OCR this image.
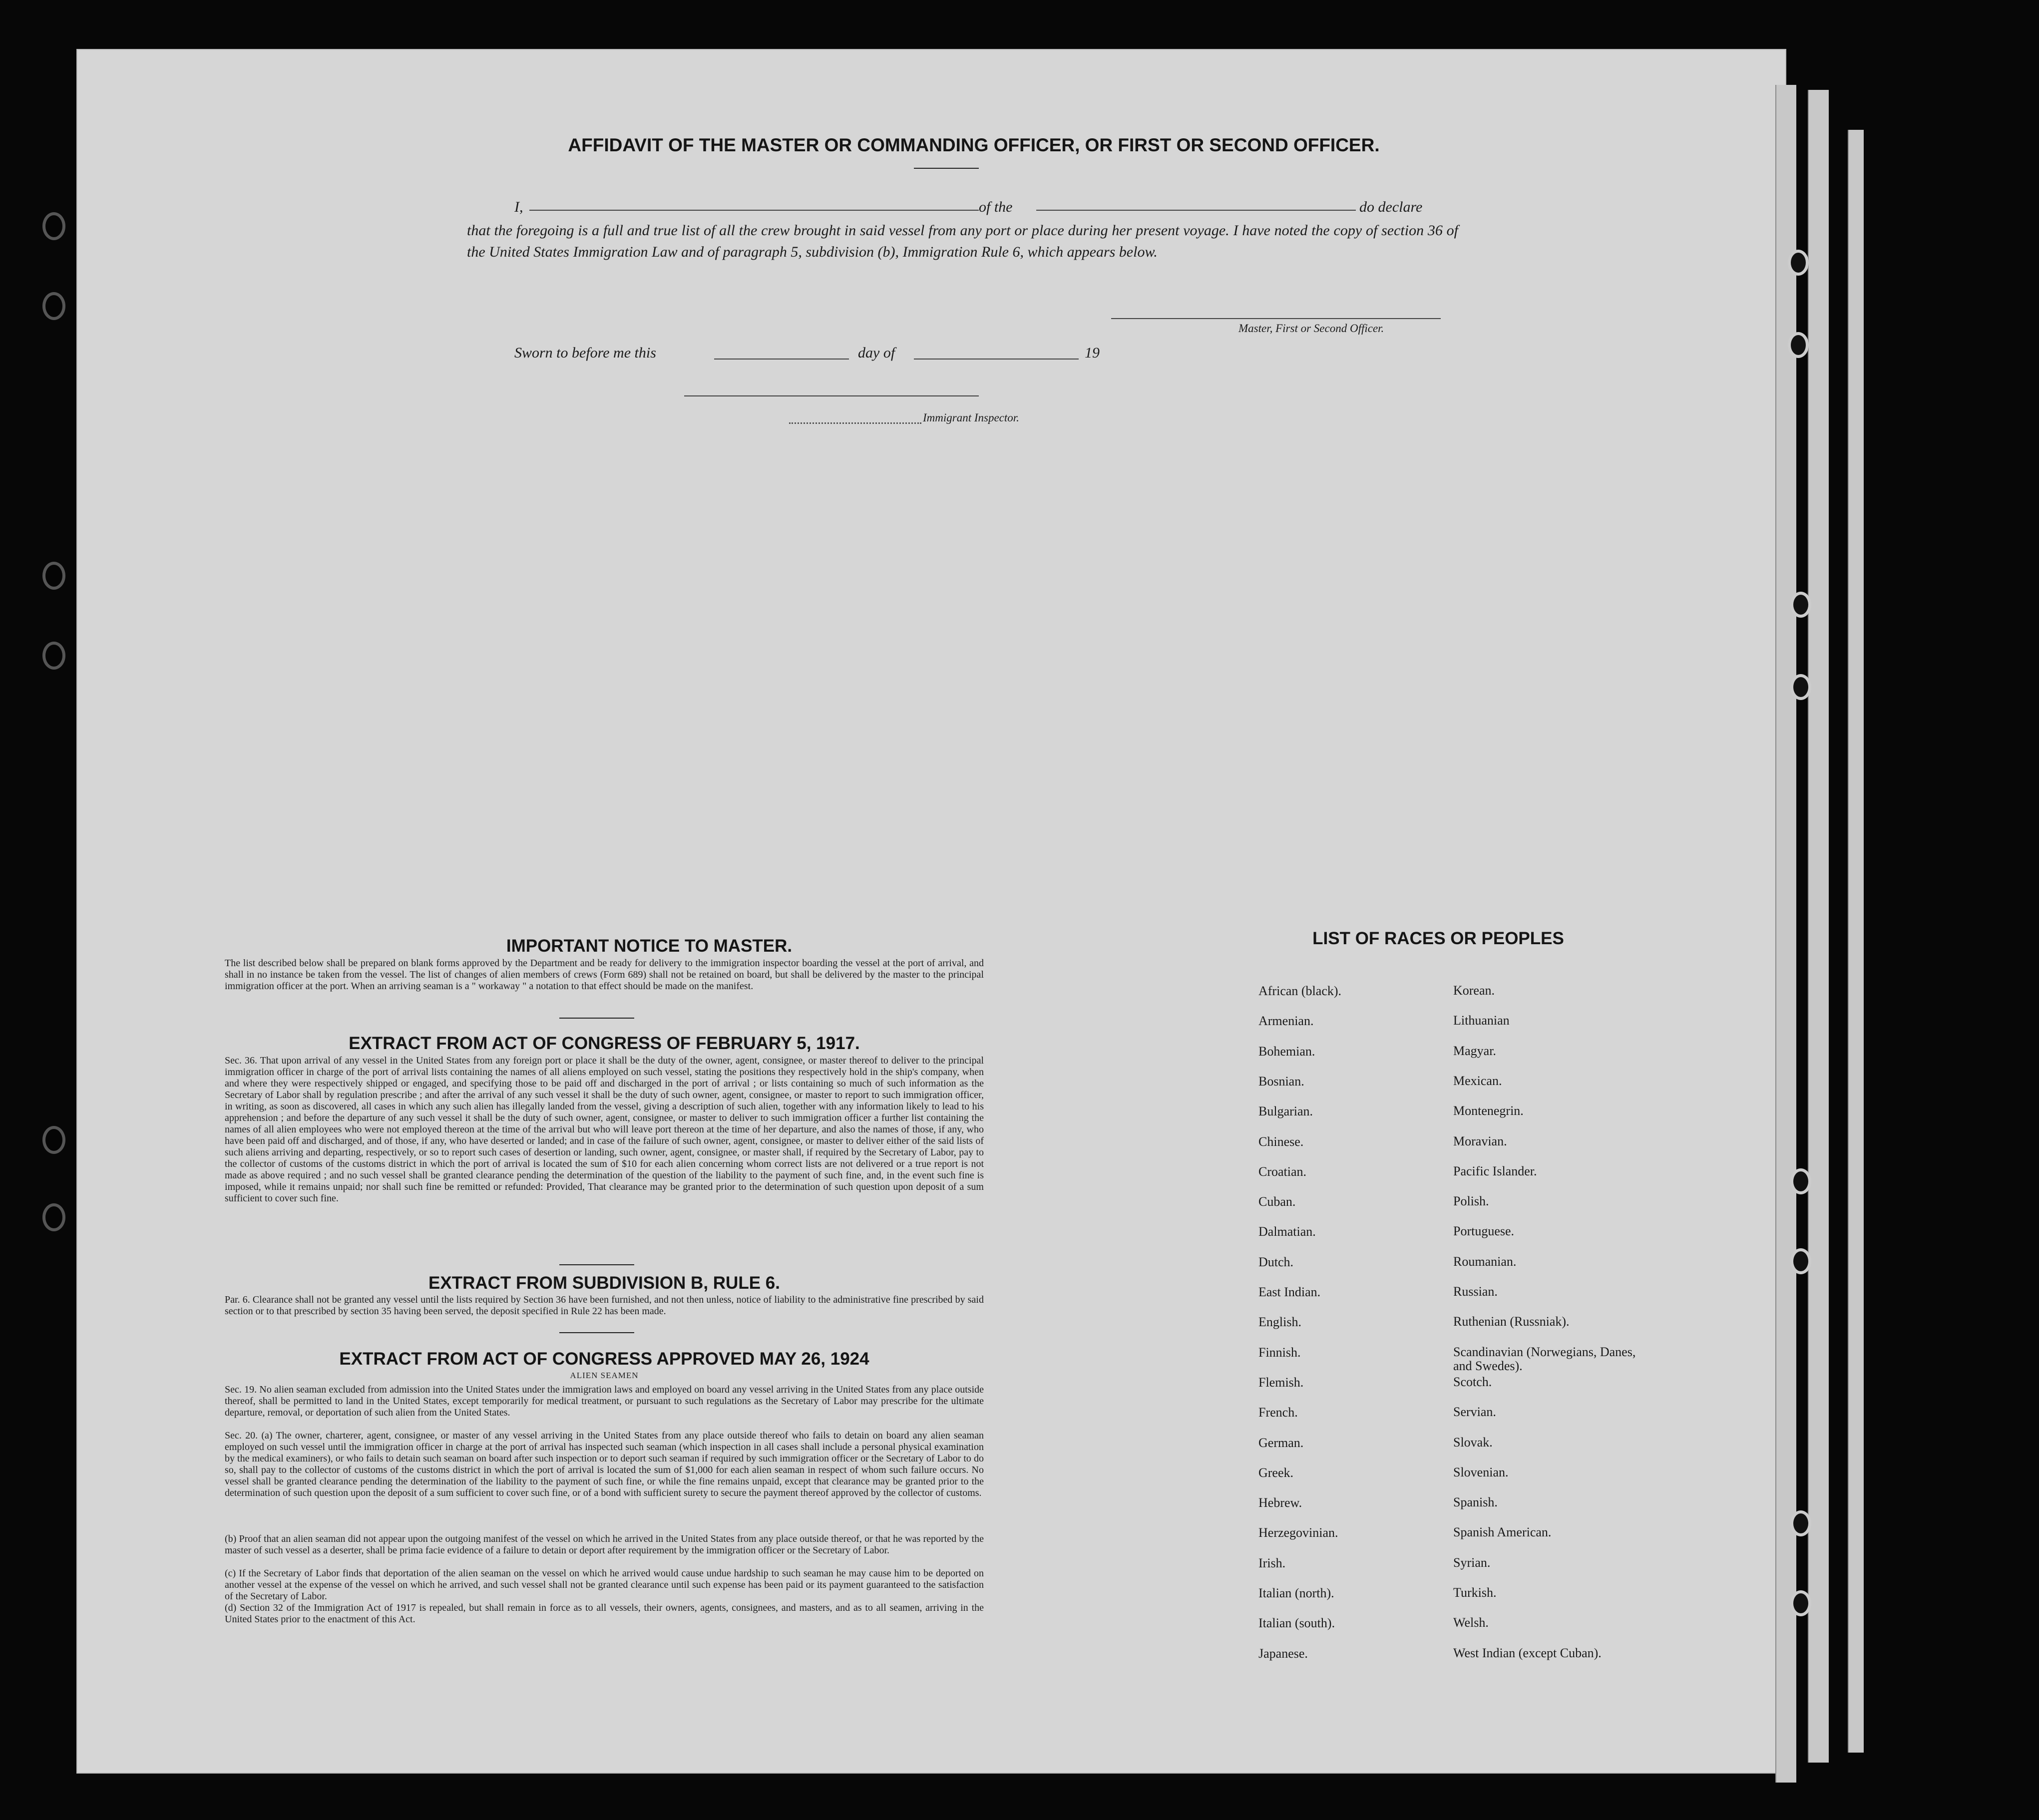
AFFIDAVIT OF THE MASTER OR COMMANDING OFFICER, OR FIRST OR SECOND OFFICER.
I,	of the	do declare
that the foregoing is a full and true list of all the crew brought in said vessel from any port or place during her present voyage. I have noted the copy of section 36 of the United States Immigration Law and of paragraph 5, subdivision (b), Immigration Rule 6, which appears below.
Master, First or Second Officer.
Sworn to before me this	day of	19
Immigrant Inspector.
IMPORTANT NOTICE TO MASTER.
The list described below shall be prepared on blank forms approved by the Department and be ready for delivery to the immigration inspector boarding the vessel at the port of arrival, and shall in no instance be taken from the vessel. The list of changes of alien members of crews (Form 689) shall not be retained on board, but shall be delivered by the master to the principal immigration officer at the port. When an arriving seaman is a " workaway " a notation to that effect should be made on the manifest.
EXTRACT FROM ACT OF CONGRESS OF FEBRUARY 5, 1917.
Sec. 36. That upon arrival of any vessel in the United States from any foreign port or place it shall be the duty of the owner, agent, consignee, or master thereof to deliver to the principal immigration officer in charge of the port of arrival lists containing the names of all aliens employed on such vessel, stating the positions they respectively hold in the ship's company, when and where they were respectively shipped or engaged, and specifying those to be paid off and discharged in the port of arrival ; or lists containing so much of such information as the Secretary of Labor shall by regulation prescribe ; and after the arrival of any such vessel it shall be the duty of such owner, agent, consignee, or master to report to such immigration officer, in writing, as soon as discovered, all cases in which any such alien has illegally landed from the vessel, giving a description of such alien, together with any information likely to lead to his apprehension ; and before the departure of any such vessel it shall be the duty of such owner, agent, consignee, or master to deliver to such immigration officer a further list containing the names of all alien employees who were not employed thereon at the time of the arrival but who will leave port thereon at the time of her departure, and also the names of those, if any, who have been paid off and discharged, and of those, if any, who have deserted or landed; and in case of the failure of such owner, agent, consignee, or master to deliver either of the said lists of such aliens arriving and departing, respectively, or so to report such cases of desertion or landing, such owner, agent, consignee, or master shall, if required by the Secretary of Labor, pay to the collector of customs of the customs district in which the port of arrival is located the sum of $10 for each alien concerning whom correct lists are not delivered or a true report is not made as above required ; and no such vessel shall be granted clearance pending the determination of the question of the liability to the payment of such fine, and, in the event such fine is imposed, while it remains unpaid; nor shall such fine be remitted or refunded: Provided, That clearance may be granted prior to the determination of such question upon deposit of a sum sufficient to cover such fine.
EXTRACT FROM SUBDIVISION B, RULE 6.
Par. 6. Clearance shall not be granted any vessel until the lists required by Section 36 have been furnished, and not then unless, notice of liability to the administrative fine prescribed by said section or to that prescribed by section 35 having been served, the deposit specified in Rule 22 has been made.
EXTRACT FROM ACT OF CONGRESS APPROVED MAY 26, 1924
ALIEN SEAMEN
Sec. 19. No alien seaman excluded from admission into the United States under the immigration laws and employed on board any vessel arriving in the United States from any place outside thereof, shall be permitted to land in the United States, except temporarily for medical treatment, or pursuant to such regulations as the Secretary of Labor may prescribe for the ultimate departure, removal, or deportation of such alien from the United States.
Sec. 20. (a) The owner, charterer, agent, consignee, or master of any vessel arriving in the United States from any place outside thereof who fails to detain on board any alien seaman employed on such vessel until the immigration officer in charge at the port of arrival has inspected such seaman (which inspection in all cases shall include a personal physical examination by the medical examiners), or who fails to detain such seaman on board after such inspection or to deport such seaman if required by such immigration officer or the Secretary of Labor to do so, shall pay to the collector of customs of the customs district in which the port of arrival is located the sum of $1,000 for each alien seaman in respect of whom such failure occurs. No vessel shall be granted clearance pending the determination of the liability to the payment of such fine, or while the fine remains unpaid, except that clearance may be granted prior to the determination of such question upon the deposit of a sum sufficient to cover such fine, or of a bond with sufficient surety to secure the payment thereof approved by the collector of customs.
(b) Proof that an alien seaman did not appear upon the outgoing manifest of the vessel on which he arrived in the United States from any place outside thereof, or that he was reported by the master of such vessel as a deserter, shall be prima facie evidence of a failure to detain or deport after requirement by the immigration officer or the Secretary of Labor.
(c) If the Secretary of Labor finds that deportation of the alien seaman on the vessel on which he arrived would cause undue hardship to such seaman he may cause him to be deported on another vessel at the expense of the vessel on which he arrived, and such vessel shall not be granted clearance until such expense has been paid or its payment guaranteed to the satisfaction of the Secretary of Labor.
(d) Section 32 of the Immigration Act of 1917 is repealed, but shall remain in force as to all vessels, their owners, agents, consignees, and masters, and as to all seamen, arriving in the United States prior to the enactment of this Act.
LIST OF RACES OR PEOPLES
African (black).
Armenian.
Bohemian.
Bosnian.
Bulgarian.
Chinese.
Croatian.
Cuban.
Dalmatian.
Dutch.
East Indian.
English.
Finnish.
Flemish.
French.
German.
Greek.
Hebrew.
Herzegovinian.
Irish.
Italian (north).
Italian (south).
Japanese.
Korean.
Lithuanian
Magyar.
Mexican.
Montenegrin.
Moravian.
Pacific Islander.
Polish.
Portuguese.
Roumanian.
Russian.
Ruthenian (Russniak).
Scandinavian (Norwegians, Danes, and Swedes).
Scotch.
Servian.
Slovak.
Slovenian.
Spanish.
Spanish American.
Syrian.
Turkish.
Welsh.
West Indian (except Cuban).
